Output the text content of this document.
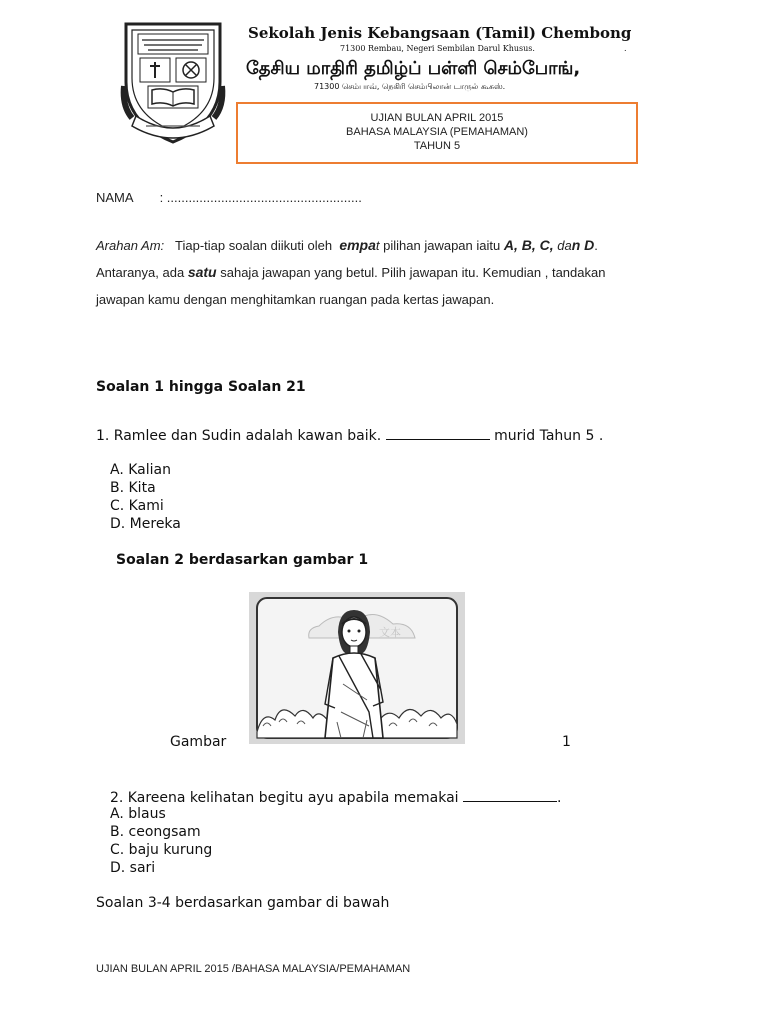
Sekolah Jenis Kebangsaan (Tamil) Chembong
71300 Rembau, Negeri Sembilan Darul Khusus.	.
தேசிய மாதிரி தமிழ்ப் பள்ளி செம்போங்,
71300 செம்பாவ், நெகிரி செம்பிலான் டாருல் கூசுஸ்.
UJIAN BULAN APRIL 2015
BAHASA MALAYSIA (PEMAHAMAN)
TAHUN 5
NAMA : ......................................................
Arahan Am: Tiap-tiap soalan diikuti oleh empat pilihan jawapan iaitu A, B, C, dan D. Antaranya, ada satu sahaja jawapan yang betul. Pilih jawapan itu. Kemudian , tandakan jawapan kamu dengan menghitamkan ruangan pada kertas jawapan.
Soalan 1 hingga Soalan 21
1. Ramlee dan Sudin adalah kawan baik.	murid Tahun 5 .
A. Kalian
B. Kita
C. Kami
D. Mereka
Soalan 2 berdasarkan gambar 1
文本
Gambar	1
2. Kareena kelihatan begitu ayu apabila memakai	.
A. blaus
B. ceongsam
C. baju kurung
D. sari
Soalan 3-4 berdasarkan gambar di bawah
UJIAN BULAN APRIL 2015 /BAHASA MALAYSIA/PEMAHAMAN
